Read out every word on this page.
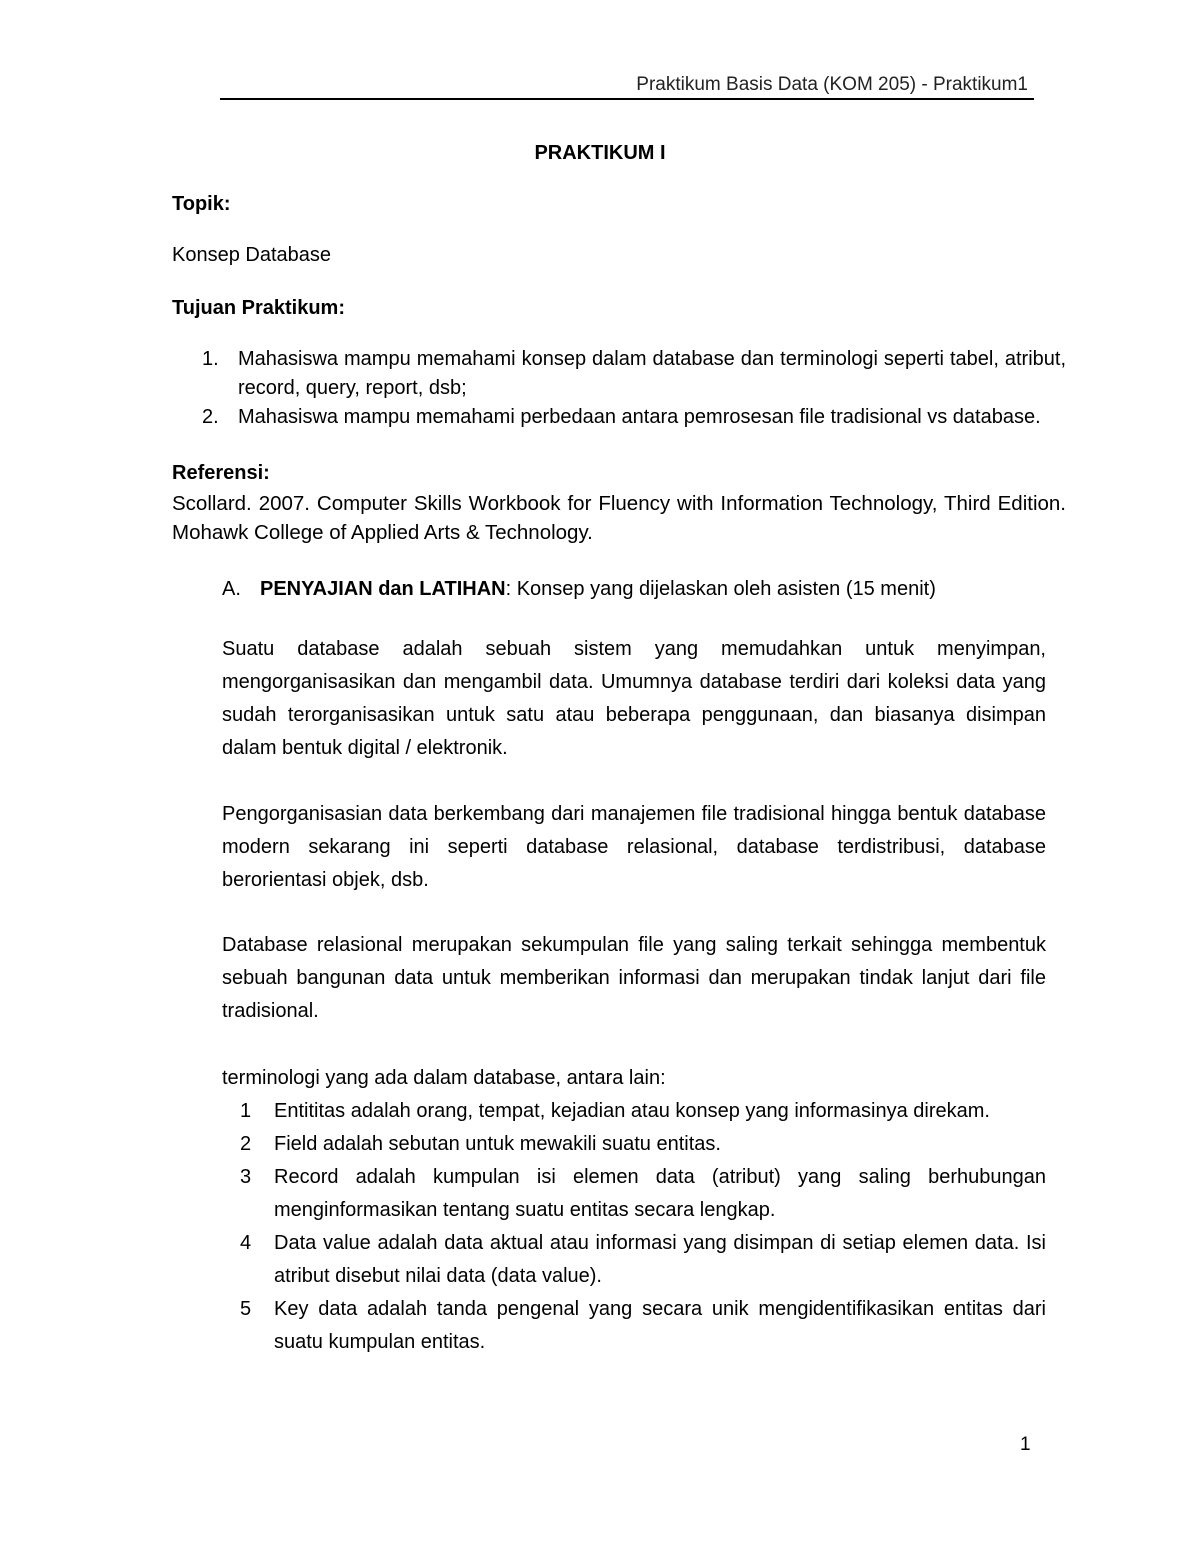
Praktikum Basis Data (KOM 205) - Praktikum1
PRAKTIKUM I
Topik:
Konsep Database
Tujuan Praktikum:
1. Mahasiswa mampu memahami konsep dalam database dan terminologi seperti tabel, atribut, record, query, report, dsb;
2. Mahasiswa mampu memahami perbedaan antara pemrosesan file tradisional vs database.
Referensi:
Scollard. 2007. Computer Skills Workbook for Fluency with Information Technology, Third Edition. Mohawk College of Applied Arts & Technology.
A. PENYAJIAN dan LATIHAN: Konsep yang dijelaskan oleh asisten (15 menit)
Suatu database adalah sebuah sistem yang memudahkan untuk menyimpan, mengorganisasikan dan mengambil data. Umumnya database terdiri dari koleksi data yang sudah terorganisasikan untuk satu atau beberapa penggunaan, dan biasanya disimpan dalam bentuk digital / elektronik.
Pengorganisasian data berkembang dari manajemen file tradisional hingga bentuk database modern sekarang ini seperti database relasional, database terdistribusi, database berorientasi objek, dsb.
Database relasional merupakan sekumpulan file yang saling terkait sehingga membentuk sebuah bangunan data untuk memberikan informasi dan merupakan tindak lanjut dari file tradisional.
terminologi yang ada dalam database, antara lain:
1	Entititas adalah orang, tempat, kejadian atau konsep yang informasinya direkam.
2	Field adalah sebutan untuk mewakili suatu entitas.
3	Record adalah kumpulan isi elemen data (atribut) yang saling berhubungan menginformasikan tentang suatu entitas secara lengkap.
4	Data value adalah data aktual atau informasi yang disimpan di setiap elemen data. Isi atribut disebut nilai data (data value).
5	Key data adalah tanda pengenal yang secara unik mengidentifikasikan entitas dari suatu kumpulan entitas.
1
